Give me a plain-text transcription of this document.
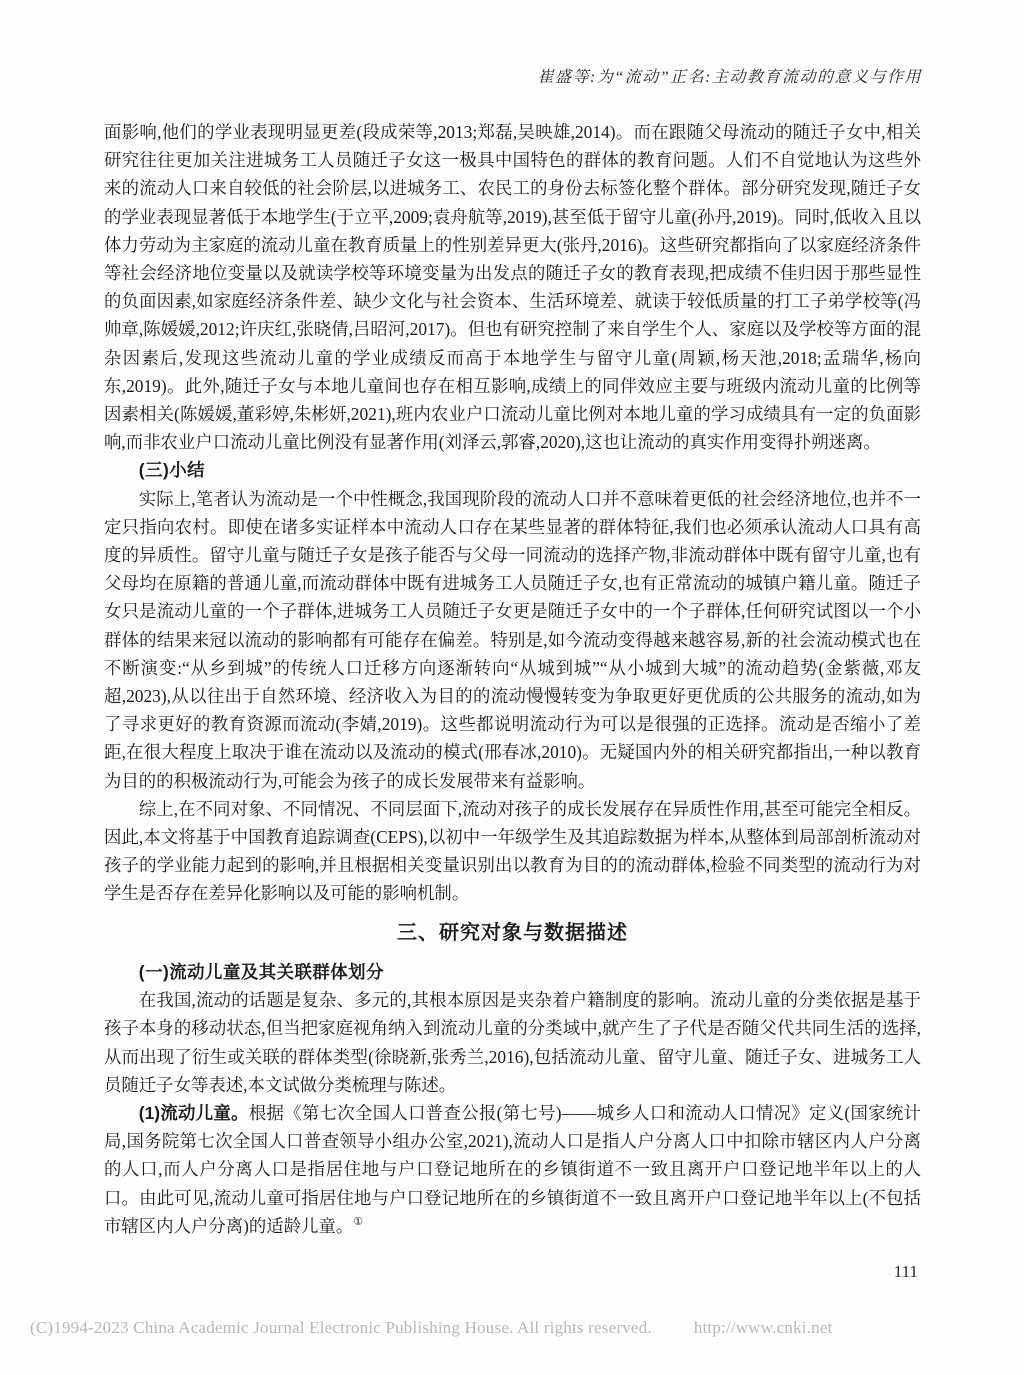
崔盛等:为“流动”正名:主动教育流动的意义与作用

面影响,他们的学业表现明显更差(段成荣等,2013;郑磊,吴映雄,2014)。而在跟随父母流动的随迁子女中,相关研究往往更加关注进城务工人员随迁子女这一极具中国特色的群体的教育问题。人们不自觉地认为这些外来的流动人口来自较低的社会阶层,以进城务工、农民工的身份去标签化整个群体。部分研究发现,随迁子女的学业表现显著低于本地学生(于立平,2009;袁舟航等,2019),甚至低于留守儿童(孙丹,2019)。同时,低收入且以体力劳动为主家庭的流动儿童在教育质量上的性别差异更大(张丹,2016)。这些研究都指向了以家庭经济条件等社会经济地位变量以及就读学校等环境变量为出发点的随迁子女的教育表现,把成绩不佳归因于那些显性的负面因素,如家庭经济条件差、缺少文化与社会资本、生活环境差、就读于较低质量的打工子弟学校等(冯帅章,陈媛媛,2012;许庆红,张晓倩,吕昭河,2017)。但也有研究控制了来自学生个人、家庭以及学校等方面的混杂因素后,发现这些流动儿童的学业成绩反而高于本地学生与留守儿童(周颖,杨天池,2018;孟瑞华,杨向东,2019)。此外,随迁子女与本地儿童间也存在相互影响,成绩上的同伴效应主要与班级内流动儿童的比例等因素相关(陈媛媛,董彩婷,朱彬妍,2021),班内农业户口流动儿童比例对本地儿童的学习成绩具有一定的负面影响,而非农业户口流动儿童比例没有显著作用(刘泽云,郭睿,2020),这也让流动的真实作用变得扑朔迷离。

(三)小结

实际上,笔者认为流动是一个中性概念,我国现阶段的流动人口并不意味着更低的社会经济地位,也并不一定只指向农村。即使在诸多实证样本中流动人口存在某些显著的群体特征,我们也必须承认流动人口具有高度的异质性。留守儿童与随迁子女是孩子能否与父母一同流动的选择产物,非流动群体中既有留守儿童,也有父母均在原籍的普通儿童,而流动群体中既有进城务工人员随迁子女,也有正常流动的城镇户籍儿童。随迁子女只是流动儿童的一个子群体,进城务工人员随迁子女更是随迁子女中的一个子群体,任何研究试图以一个小群体的结果来冠以流动的影响都有可能存在偏差。特别是,如今流动变得越来越容易,新的社会流动模式也在不断演变:“从乡到城”的传统人口迁移方向逐渐转向“从城到城”“从小城到大城”的流动趋势(金紫薇,邓友超,2023),从以往出于自然环境、经济收入为目的的流动慢慢转变为争取更好更优质的公共服务的流动,如为了寻求更好的教育资源而流动(李婧,2019)。这些都说明流动行为可以是很强的正选择。流动是否缩小了差距,在很大程度上取决于谁在流动以及流动的模式(邢春冰,2010)。无疑国内外的相关研究都指出,一种以教育为目的的积极流动行为,可能会为孩子的成长发展带来有益影响。

综上,在不同对象、不同情况、不同层面下,流动对孩子的成长发展存在异质性作用,甚至可能完全相反。因此,本文将基于中国教育追踪调查(CEPS),以初中一年级学生及其追踪数据为样本,从整体到局部剖析流动对孩子的学业能力起到的影响,并且根据相关变量识别出以教育为目的的流动群体,检验不同类型的流动行为对学生是否存在差异化影响以及可能的影响机制。

三、研究对象与数据描述
(一)流动儿童及其关联群体划分

在我国,流动的话题是复杂、多元的,其根本原因是夹杂着户籍制度的影响。流动儿童的分类依据是基于孩子本身的移动状态,但当把家庭视角纳入到流动儿童的分类域中,就产生了子代是否随父代共同生活的选择,从而出现了衍生或关联的群体类型(徐晓新,张秀兰,2016),包括流动儿童、留守儿童、随迁子女、进城务工人员随迁子女等表述,本文试做分类梳理与陈述。

(1)流动儿童。根据《第七次全国人口普查公报(第七号)——城乡人口和流动人口情况》定义(国家统计局,国务院第七次全国人口普查领导小组办公室,2021),流动人口是指人户分离人口中扣除市辖区内人户分离的人口,而人户分离人口是指居住地与户口登记地所在的乡镇街道不一致且离开户口登记地半年以上的人口。由此可见,流动儿童可指居住地与户口登记地所在的乡镇街道不一致且离开户口登记地半年以上(不包括市辖区内人户分离)的适龄儿童。①

111
(C)1994-2023 China Academic Journal Electronic Publishing House. All rights reserved. http://www.cnki.net
